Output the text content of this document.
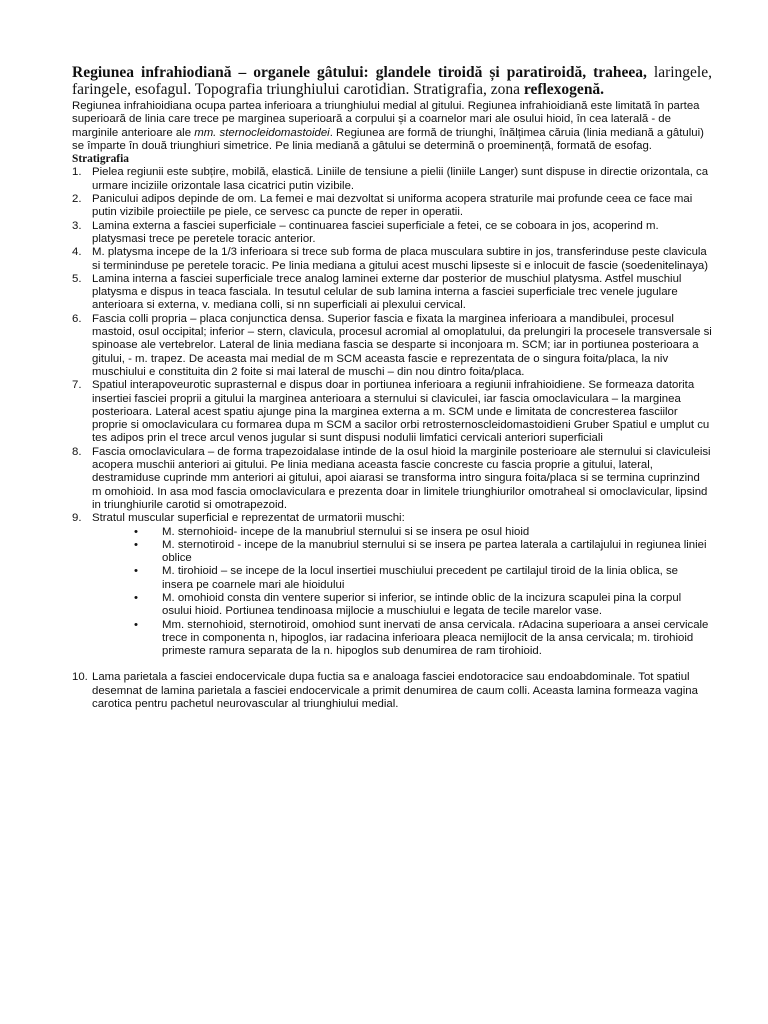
Regiunea infrahiodiană – organele gâtului: glandele tiroidă și paratiroidă, traheea, laringele, faringele, esofagul. Topografia triunghiului carotidian. Stratigrafia, zona reflexogenă.

Regiunea infrahioidiana ocupa partea inferioara a triunghiului medial al gitului. Regiunea infrahioidiană este limitată în partea superioară de linia care trece pe marginea superioară a corpului și a coarnelor mari ale osului hioid, în cea laterală - de marginile anterioare ale mm. sternocleidomastoidei. Regiunea are formă de triunghi, înălțimea căruia (linia mediană a gâtului) se împarte în două triunghiuri simetrice. Pe linia mediană a gâtului se determină o proeminență, formată de esofag.

Stratigrafia

1. Pielea regiunii este subțire, mobilă, elastică. Liniile de tensiune a pielii (liniile Langer) sunt dispuse in directie orizontala, ca urmare inciziile orizontale lasa cicatrici putin vizibile.
2. Panicului adipos depinde de om. La femei e mai dezvoltat si uniforma acopera straturile mai profunde ceea ce face mai putin vizibile proiectiile pe piele, ce servesc ca puncte de reper in operatii.
3. Lamina externa a fasciei superficiale – continuarea fasciei superficiale a fetei, ce se coboara in jos, acoperind m. platysmasi trece pe peretele toracic anterior.
4. M. platysma incepe de la 1/3 inferioara si trece sub forma de placa musculara subtire in jos, transferinduse peste clavicula si termininduse pe peretele toracic. Pe linia mediana a gitului acest muschi lipseste si e inlocuit de fascie (soedenitelinaya)
5. Lamina interna a fasciei superficiale trece analog laminei externe dar posterior de muschiul platysma. Astfel muschiul platysma e dispus in teaca fasciala. In tesutul celular de sub lamina interna a fasciei superficiale trec venele jugulare anterioara si externa, v. mediana colli, si nn superficiali ai plexului cervical.
6. Fascia colli propria – placa conjunctica densa. Superior fascia e fixata la marginea inferioara a mandibulei, procesul mastoid, osul occipital; inferior – stern, clavicula, procesul acromial al omoplatului, da prelungiri la procesele transversale si spinoase ale vertebrelor. Lateral de linia mediana fascia se desparte si inconjoara m. SCM; iar in portiunea posterioara a gitului, - m. trapez. De aceasta mai medial de m SCM aceasta fascie e reprezentata de o singura foita/placa, la niv muschiului e constituita din 2 foite si mai lateral de muschi – din nou dintro foita/placa.
7. Spatiul interapoveurotic suprasternal e dispus doar in portiunea inferioara a regiunii infrahioidiene. Se formeaza datorita insertiei fasciei proprii a gitului la marginea anterioara a sternului si claviculei, iar fascia omoclaviculara – la marginea posterioara. Lateral acest spatiu ajunge pina la marginea externa a m. SCM unde e limitata de concresterea fasciilor proprie si omoclaviculara cu formarea dupa m SCM a sacilor orbi retrosternoscleidomastoidieni Gruber Spatiul e umplut cu tes adipos prin el trece arcul venos jugular si sunt dispusi nodulii limfatici cervicali anteriori superficiali
8. Fascia omoclaviculara – de forma trapezoidalase intinde de la osul hioid la marginile posterioare ale sternului si claviculeisi acopera muschii anteriori ai gitului. Pe linia mediana aceasta fascie concreste cu fascia proprie a gitului, lateral, destramiduse cuprinde mm anteriori ai gitului, apoi aiarasi se transforma intro singura foita/placa si se termina cuprinzind m omohioid. In asa mod fascia omoclaviculara e prezenta doar in limitele triunghiurilor omotraheal si omoclavicular, lipsind in triunghiurile carotid si omotrapezoid.
9. Stratul muscular superficial e reprezentat de urmatorii muschi:
• M. sternohioid- incepe de la manubriul sternului si se insera pe osul hioid
• M. sternotiroid - incepe de la manubriul sternului si se insera pe partea laterala a cartilajului in regiunea liniei oblice
• M. tirohioid – se incepe de la locul insertiei muschiului precedent pe cartilajul tiroid de la linia oblica, se insera pe coarnele mari ale hioidului
• M. omohioid consta din ventere superior si inferior, se intinde oblic de la incizura scapulei pina la corpul osului hioid. Portiunea tendinoasa mijlocie a muschiului e legata de tecile marelor vase.
• Mm. sternohioid, sternotiroid, omohiod sunt inervati de ansa cervicala. rAdacina superioara a ansei cervicale trece in componenta n, hipoglos, iar radacina inferioara pleaca nemijlocit de la ansa cervicala; m. tirohioid primeste ramura separata de la n. hipoglos sub denumirea de ram tirohioid.
10. Lama parietala a fasciei endocervicale dupa fuctia sa e analoaga fasciei endotoracice sau endoabdominale. Tot spatiul desemnat de lamina parietala a fasciei endocervicale a primit denumirea de caum colli. Aceasta lamina formeaza vagina carotica pentru pachetul neurovascular al triunghiului medial.
